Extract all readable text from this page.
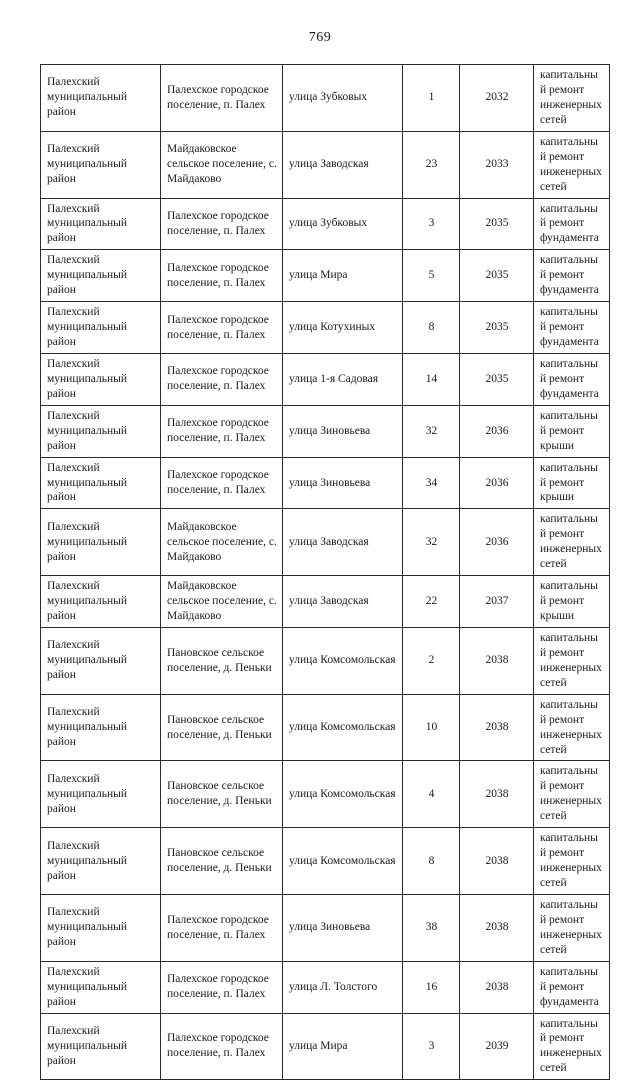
769
Палехский муниципальный район	Палехское городское поселение, п. Палех	улица Зубковых	1	2032	капитальный ремонт инженерных сетей
Палехский муниципальный район	Майдаковское сельское поселение, с. Майдаково	улица Заводская	23	2033	капитальный ремонт инженерных сетей
Палехский муниципальный район	Палехское городское поселение, п. Палех	улица Зубковых	3	2035	капитальный ремонт фундамента
Палехский муниципальный район	Палехское городское поселение, п. Палех	улица Мира	5	2035	капитальный ремонт фундамента
Палехский муниципальный район	Палехское городское поселение, п. Палех	улица Котухиных	8	2035	капитальный ремонт фундамента
Палехский муниципальный район	Палехское городское поселение, п. Палех	улица 1-я Садовая	14	2035	капитальный ремонт фундамента
Палехский муниципальный район	Палехское городское поселение, п. Палех	улица Зиновьева	32	2036	капитальный ремонт крыши
Палехский муниципальный район	Палехское городское поселение, п. Палех	улица Зиновьева	34	2036	капитальный ремонт крыши
Палехский муниципальный район	Майдаковское сельское поселение, с. Майдаково	улица Заводская	32	2036	капитальный ремонт инженерных сетей
Палехский муниципальный район	Майдаковское сельское поселение, с. Майдаково	улица Заводская	22	2037	капитальный ремонт крыши
Палехский муниципальный район	Пановское сельское поселение, д. Пеньки	улица Комсомольская	2	2038	капитальный ремонт инженерных сетей
Палехский муниципальный район	Пановское сельское поселение, д. Пеньки	улица Комсомольская	10	2038	капитальный ремонт инженерных сетей
Палехский муниципальный район	Пановское сельское поселение, д. Пеньки	улица Комсомольская	4	2038	капитальный ремонт инженерных сетей
Палехский муниципальный район	Пановское сельское поселение, д. Пеньки	улица Комсомольская	8	2038	капитальный ремонт инженерных сетей
Палехский муниципальный район	Палехское городское поселение, п. Палех	улица Зиновьева	38	2038	капитальный ремонт инженерных сетей
Палехский муниципальный район	Палехское городское поселение, п. Палех	улица Л. Толстого	16	2038	капитальный ремонт фундамента
Палехский муниципальный район	Палехское городское поселение, п. Палех	улица Мира	3	2039	капитальный ремонт инженерных сетей
